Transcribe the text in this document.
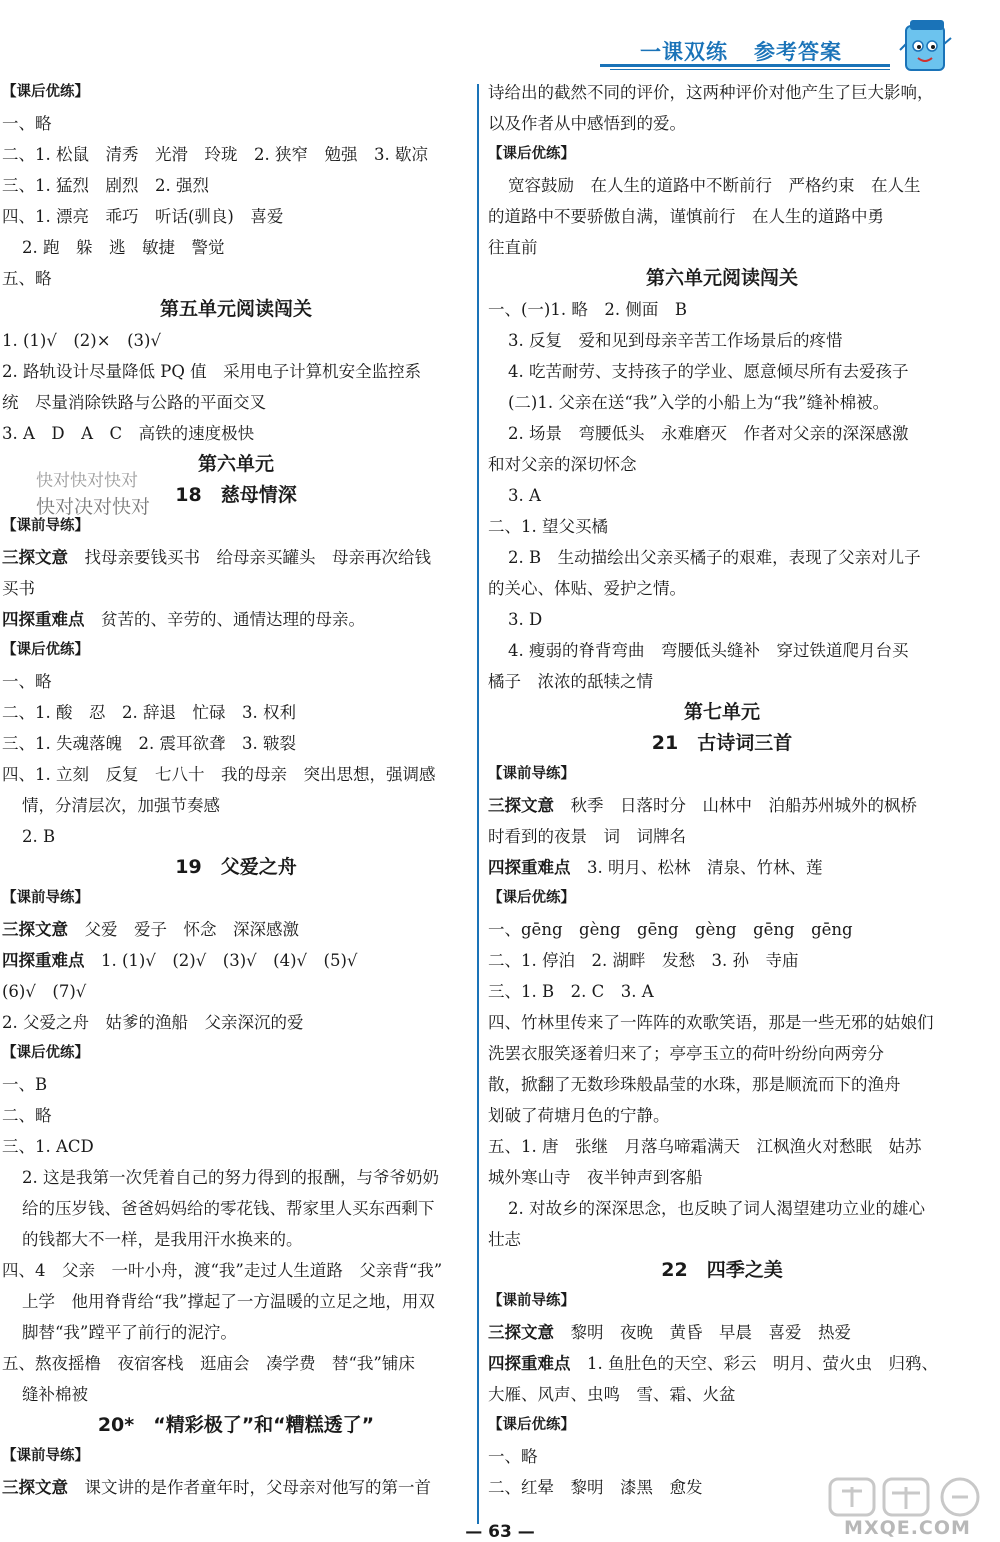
一课双练 参考答案
【课后优练】
一、略
二、1. 松鼠　清秀　光滑　玲珑　2. 狭窄　勉强　3. 歇凉
三、1. 猛烈　剧烈　2. 强烈
四、1. 漂亮　乖巧　听话(驯良)　喜爱
2. 跑　躲　逃　敏捷　警觉
五、略
第五单元阅读闯关
1. (1)√　(2)×　(3)√
2. 路轨设计尽量降低 PQ 值　采用电子计算机安全监控系
统　尽量消除铁路与公路的平面交叉
3. A　D　A　C　高铁的速度极快
第六单元
18　慈母情深
【课前导练】
三探文意　找母亲要钱买书　给母亲买罐头　母亲再次给钱
买书
四探重难点　贫苦的、辛劳的、通情达理的母亲。
【课后优练】
一、略
二、1. 酸　忍　2. 辞退　忙碌　3. 权利
三、1. 失魂落魄　2. 震耳欲聋　3. 皲裂
四、1. 立刻　反复　七八十　我的母亲　突出思想，强调感
情，分清层次，加强节奏感
2. B
19　父爱之舟
【课前导练】
三探文意　父爱　爱子　怀念　深深感激
四探重难点　1. (1)√　(2)√　(3)√　(4)√　(5)√
(6)√　(7)√
2. 父爱之舟　姑爹的渔船　父亲深沉的爱
【课后优练】
一、B
二、略
三、1. ACD
2. 这是我第一次凭着自己的努力得到的报酬，与爷爷奶奶
给的压岁钱、爸爸妈妈给的零花钱、帮家里人买东西剩下
的钱都大不一样，是我用汗水换来的。
四、4　父亲　一叶小舟，渡“我”走过人生道路　父亲背“我”
上学　他用脊背给“我”撑起了一方温暖的立足之地，用双
脚替“我”蹚平了前行的泥泞。
五、熬夜摇橹　夜宿客栈　逛庙会　凑学费　替“我”铺床
缝补棉被
20*　“精彩极了”和“糟糕透了”
【课前导练】
三探文意　课文讲的是作者童年时，父母亲对他写的第一首
诗给出的截然不同的评价，这两种评价对他产生了巨大影响，
以及作者从中感悟到的爱。
【课后优练】
宽容鼓励　在人生的道路中不断前行　严格约束　在人生
的道路中不要骄傲自满，谨慎前行　在人生的道路中勇
往直前
第六单元阅读闯关
一、(一)1. 略　2. 侧面　B
3. 反复　爱和见到母亲辛苦工作场景后的疼惜
4. 吃苦耐劳、支持孩子的学业、愿意倾尽所有去爱孩子
(二)1. 父亲在送“我”入学的小船上为“我”缝补棉被。
2. 场景　弯腰低头　永难磨灭　作者对父亲的深深感激
和对父亲的深切怀念
3. A
二、1. 望父买橘
2. B　生动描绘出父亲买橘子的艰难，表现了父亲对儿子
的关心、体贴、爱护之情。
3. D
4. 瘦弱的脊背弯曲　弯腰低头缝补　穿过铁道爬月台买
橘子　浓浓的舐犊之情
第七单元
21　古诗词三首
【课前导练】
三探文意　秋季　日落时分　山林中　泊船苏州城外的枫桥
时看到的夜景　词　词牌名
四探重难点　3. 明月、松林　清泉、竹林、莲
【课后优练】
一、gēng　gèng　gēng　gèng　gēng　gēng
二、1. 停泊　2. 湖畔　发愁　3. 孙　寺庙
三、1. B　2. C　3. A
四、竹林里传来了一阵阵的欢歌笑语，那是一些无邪的姑娘们
洗罢衣服笑逐着归来了；亭亭玉立的荷叶纷纷向两旁分
散，掀翻了无数珍珠般晶莹的水珠，那是顺流而下的渔舟
划破了荷塘月色的宁静。
五、1. 唐　张继　月落乌啼霜满天　江枫渔火对愁眠　姑苏
城外寒山寺　夜半钟声到客船
2. 对故乡的深深思念，也反映了词人渴望建功立业的雄心
壮志
22　四季之美
【课前导练】
三探文意　黎明　夜晚　黄昏　早晨　喜爱　热爱
四探重难点　1. 鱼肚色的天空、彩云　明月、萤火虫　归鸦、
大雁、风声、虫鸣　雪、霜、火盆
【课后优练】
一、略
二、红晕　黎明　漆黑　愈发
快对快对快对
快对决对快对
— 63 —	MXQE.COM
